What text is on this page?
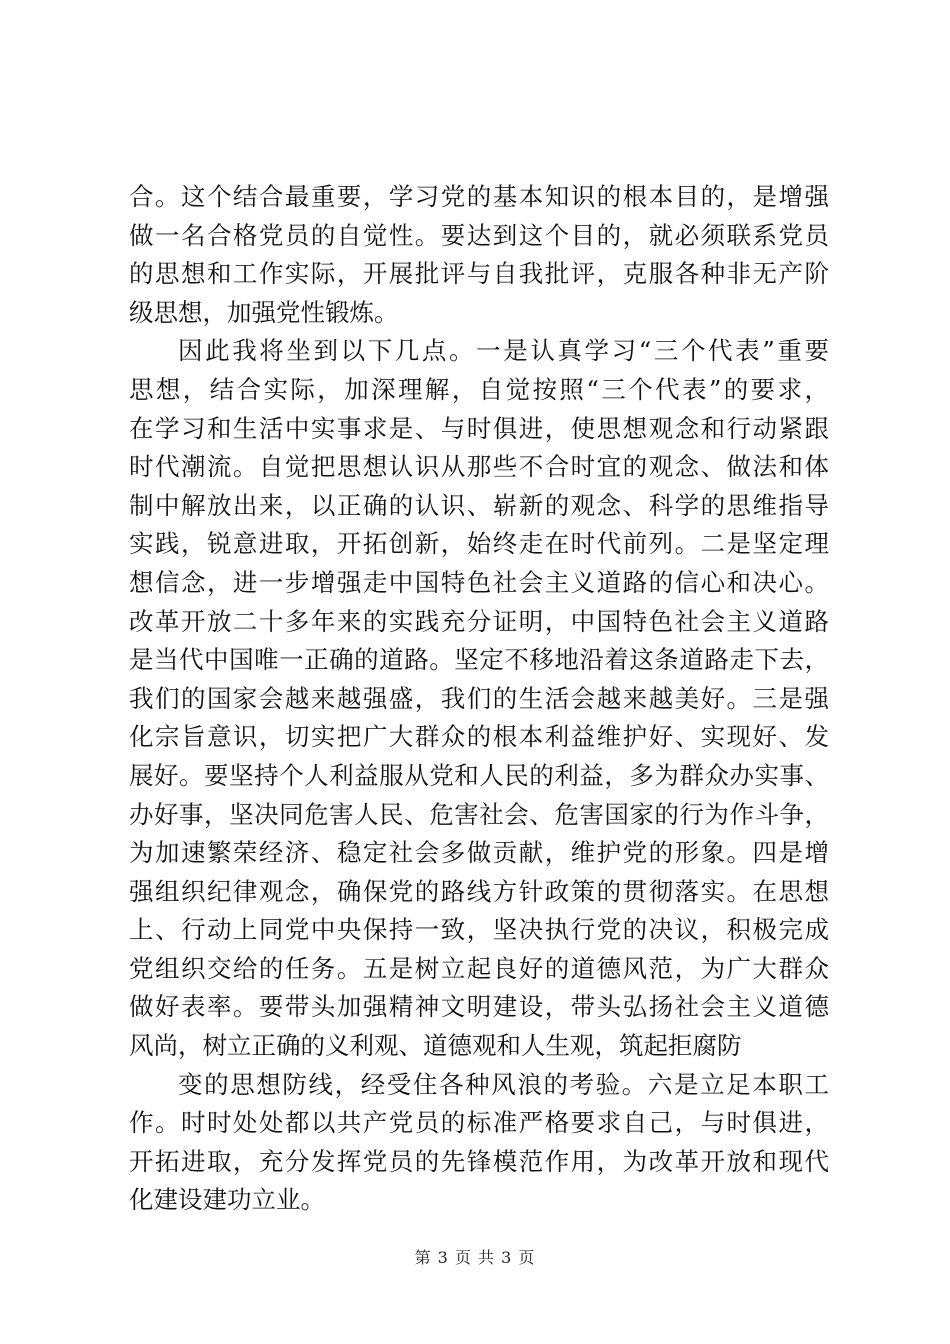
合。这个结合最重要，学习党的基本知识的根本目的，是增强
做一名合格党员的自觉性。要达到这个目的，就必须联系党员
的思想和工作实际，开展批评与自我批评，克服各种非无产阶
级思想，加强党性锻炼。
因此我将坐到以下几点。一是认真学习“三个代表”重要
思想，结合实际，加深理解，自觉按照“三个代表”的要求，
在学习和生活中实事求是、与时俱进，使思想观念和行动紧跟
时代潮流。自觉把思想认识从那些不合时宜的观念、做法和体
制中解放出来，以正确的认识、崭新的观念、科学的思维指导
实践，锐意进取，开拓创新，始终走在时代前列。二是坚定理
想信念，进一步增强走中国特色社会主义道路的信心和决心。
改革开放二十多年来的实践充分证明，中国特色社会主义道路
是当代中国唯一正确的道路。坚定不移地沿着这条道路走下去，
我们的国家会越来越强盛，我们的生活会越来越美好。三是强
化宗旨意识，切实把广大群众的根本利益维护好、实现好、发
展好。要坚持个人利益服从党和人民的利益，多为群众办实事、
办好事，坚决同危害人民、危害社会、危害国家的行为作斗争，
为加速繁荣经济、稳定社会多做贡献，维护党的形象。四是增
强组织纪律观念，确保党的路线方针政策的贯彻落实。在思想
上、行动上同党中央保持一致，坚决执行党的决议，积极完成
党组织交给的任务。五是树立起良好的道德风范，为广大群众
做好表率。要带头加强精神文明建设，带头弘扬社会主义道德
风尚，树立正确的义利观、道德观和人生观，筑起拒腐防
变的思想防线，经受住各种风浪的考验。六是立足本职工
作。时时处处都以共产党员的标准严格要求自己，与时俱进，
开拓进取，充分发挥党员的先锋模范作用，为改革开放和现代
化建设建功立业。
第 3 页 共 3 页
